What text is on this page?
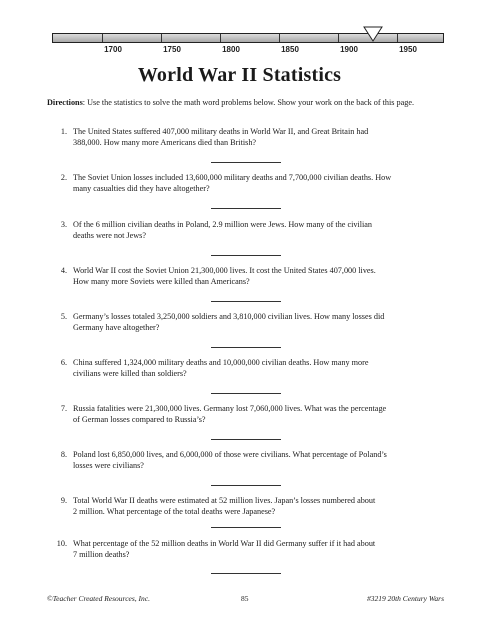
1700	1750	1800	1850	1900	1950
World War II Statistics
Directions: Use the statistics to solve the math word problems below. Show your work on the back of this page.
1. The United States suffered 407,000 military deaths in World War II, and Great Britain had
388,000. How many more Americans died than British?
2. The Soviet Union losses included 13,600,000 military deaths and 7,700,000 civilian deaths. How
many casualties did they have altogether?
3. Of the 6 million civilian deaths in Poland, 2.9 million were Jews. How many of the civilian
deaths were not Jews?
4. World War II cost the Soviet Union 21,300,000 lives. It cost the United States 407,000 lives.
How many more Soviets were killed than Americans?
5. Germany’s losses totaled 3,250,000 soldiers and 3,810,000 civilian lives. How many losses did
Germany have altogether?
6. China suffered 1,324,000 military deaths and 10,000,000 civilian deaths. How many more
civilians were killed than soldiers?
7. Russia fatalities were 21,300,000 lives. Germany lost 7,060,000 lives. What was the percentage
of German losses compared to Russia’s?
8. Poland lost 6,850,000 lives, and 6,000,000 of those were civilians. What percentage of Poland’s
losses were civilians?
9. Total World War II deaths were estimated at 52 million lives. Japan’s losses numbered about
2 million. What percentage of the total deaths were Japanese?
10. What percentage of the 52 million deaths in World War II did Germany suffer if it had about
7 million deaths?
©Teacher Created Resources, Inc.	85	#3219 20th Century Wars
